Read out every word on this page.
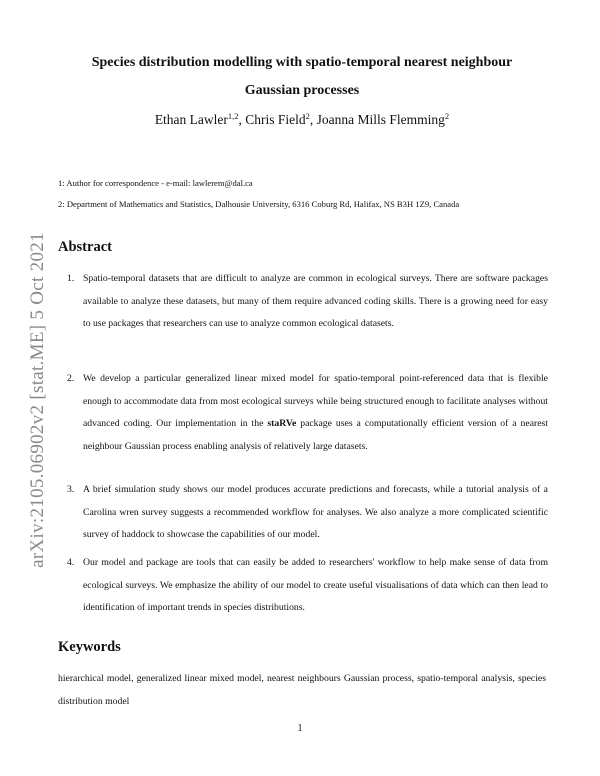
arXiv:2105.06902v2 [stat.ME] 5 Oct 2021
Species distribution modelling with spatio-temporal nearest neighbour
Gaussian processes
Ethan Lawler$^{1,2}$, Chris Field$^2$, Joanna Mills Flemming$^2$
1: Author for correspondence - e-mail: lawlerem@dal.ca
2: Department of Mathematics and Statistics, Dalhousie University, 6316 Coburg Rd, Halifax, NS B3H 1Z9, Canada
Abstract
1. Spatio-temporal datasets that are difficult to analyze are common in ecological surveys. There are software packages available to analyze these datasets, but many of them require advanced coding skills. There is a growing need for easy to use packages that researchers can use to analyze common ecological datasets.
2. We develop a particular generalized linear mixed model for spatio-temporal point-referenced data that is flexible enough to accommodate data from most ecological surveys while being structured enough to facilitate analyses without advanced coding. Our implementation in the staRVe package uses a computationally efficient version of a nearest neighbour Gaussian process enabling analysis of relatively large datasets.
3. A brief simulation study shows our model produces accurate predictions and forecasts, while a tutorial analysis of a Carolina wren survey suggests a recommended workflow for analyses. We also analyze a more complicated scientific survey of haddock to showcase the capabilities of our model.
4. Our model and package are tools that can easily be added to researchers' workflow to help make sense of data from ecological surveys. We emphasize the ability of our model to create useful visualisations of data which can then lead to identification of important trends in species distributions.
Keywords
hierarchical model, generalized linear mixed model, nearest neighbours Gaussian process, spatio-temporal analysis, species distribution model
1
